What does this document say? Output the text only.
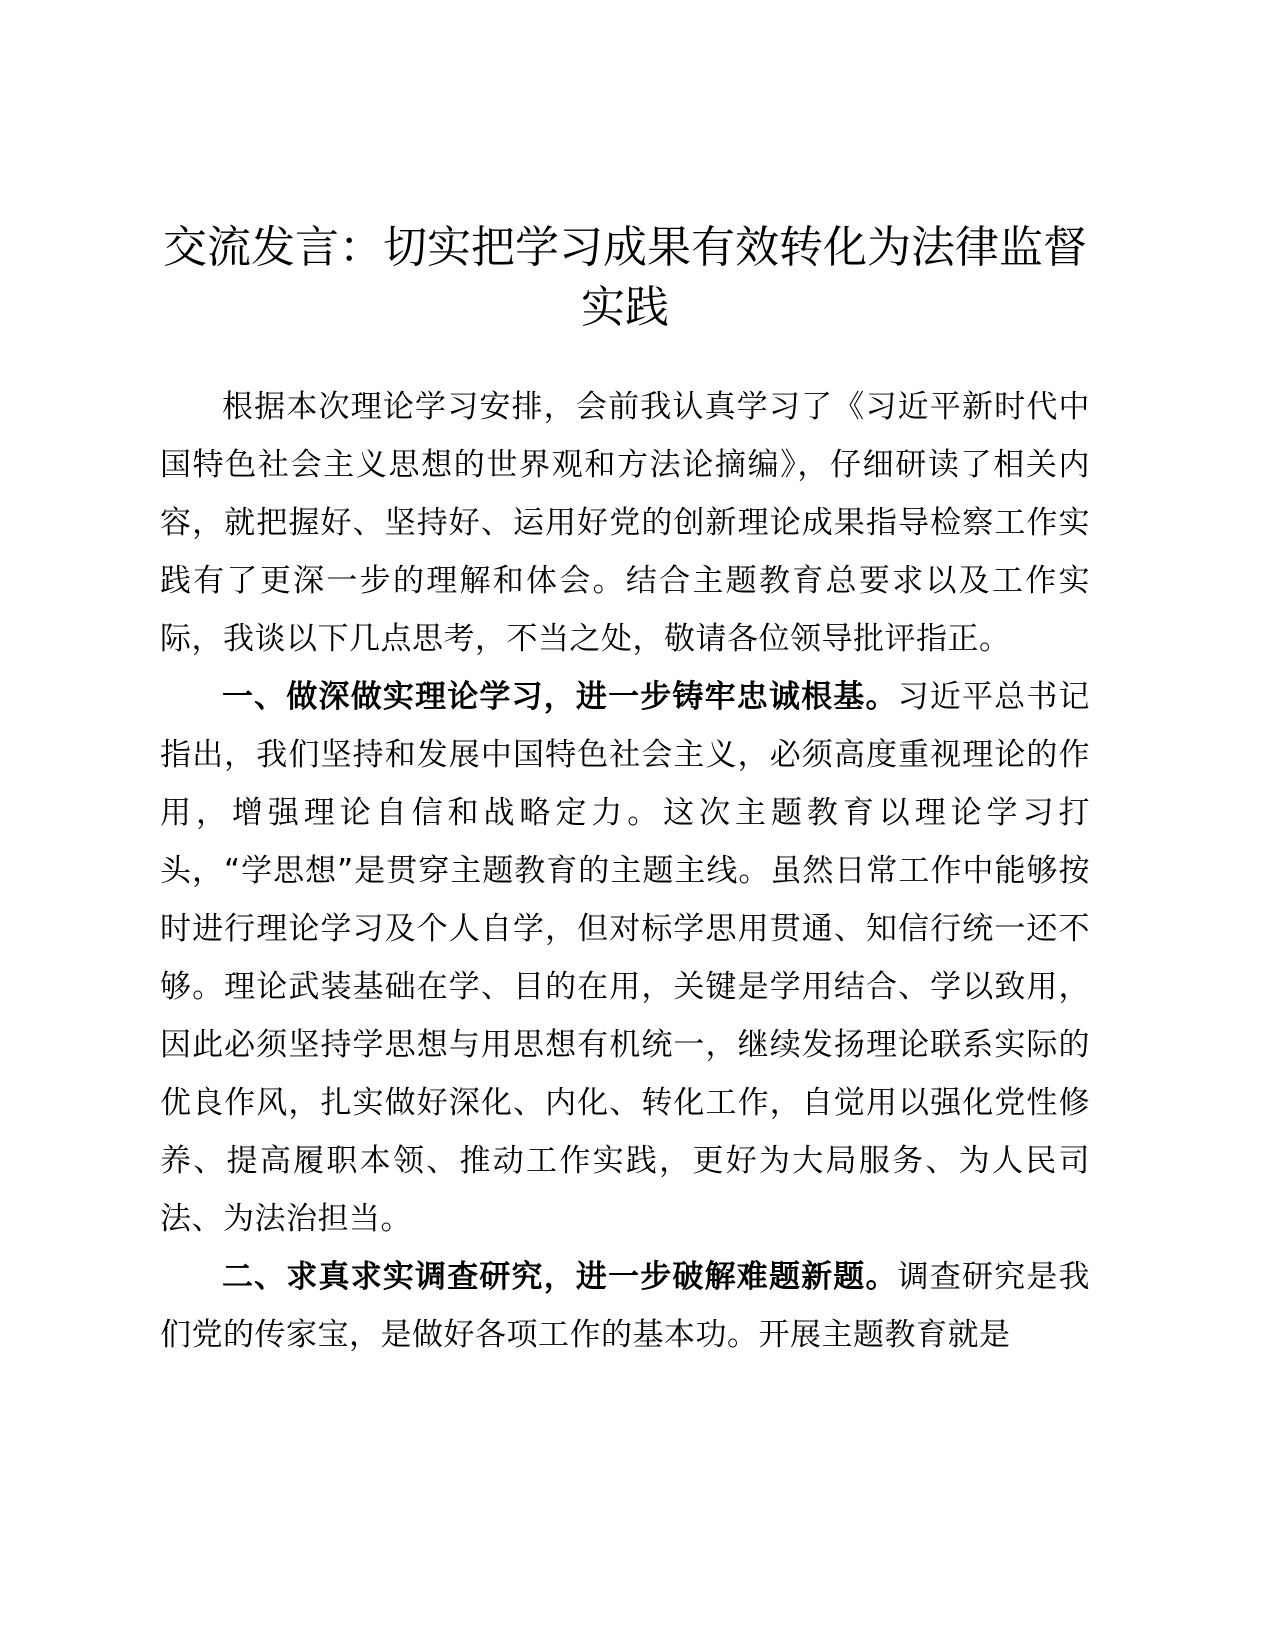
交流发言：切实把学习成果有效转化为法律监督实践

根据本次理论学习安排，会前我认真学习了《习近平新时代中国特色社会主义思想的世界观和方法论摘编》，仔细研读了相关内容，就把握好、坚持好、运用好党的创新理论成果指导检察工作实践有了更深一步的理解和体会。结合主题教育总要求以及工作实际，我谈以下几点思考，不当之处，敬请各位领导批评指正。

一、做深做实理论学习，进一步铸牢忠诚根基。习近平总书记指出，我们坚持和发展中国特色社会主义，必须高度重视理论的作用，增强理论自信和战略定力。这次主题教育以理论学习打头，“学思想”是贯穿主题教育的主题主线。虽然日常工作中能够按时进行理论学习及个人自学，但对标学思用贯通、知信行统一还不够。理论武装基础在学、目的在用，关键是学用结合、学以致用，因此必须坚持学思想与用思想有机统一，继续发扬理论联系实际的优良作风，扎实做好深化、内化、转化工作，自觉用以强化党性修养、提高履职本领、推动工作实践，更好为大局服务、为人民司法、为法治担当。

二、求真求实调查研究，进一步破解难题新题。调查研究是我们党的传家宝，是做好各项工作的基本功。开展主题教育就是
